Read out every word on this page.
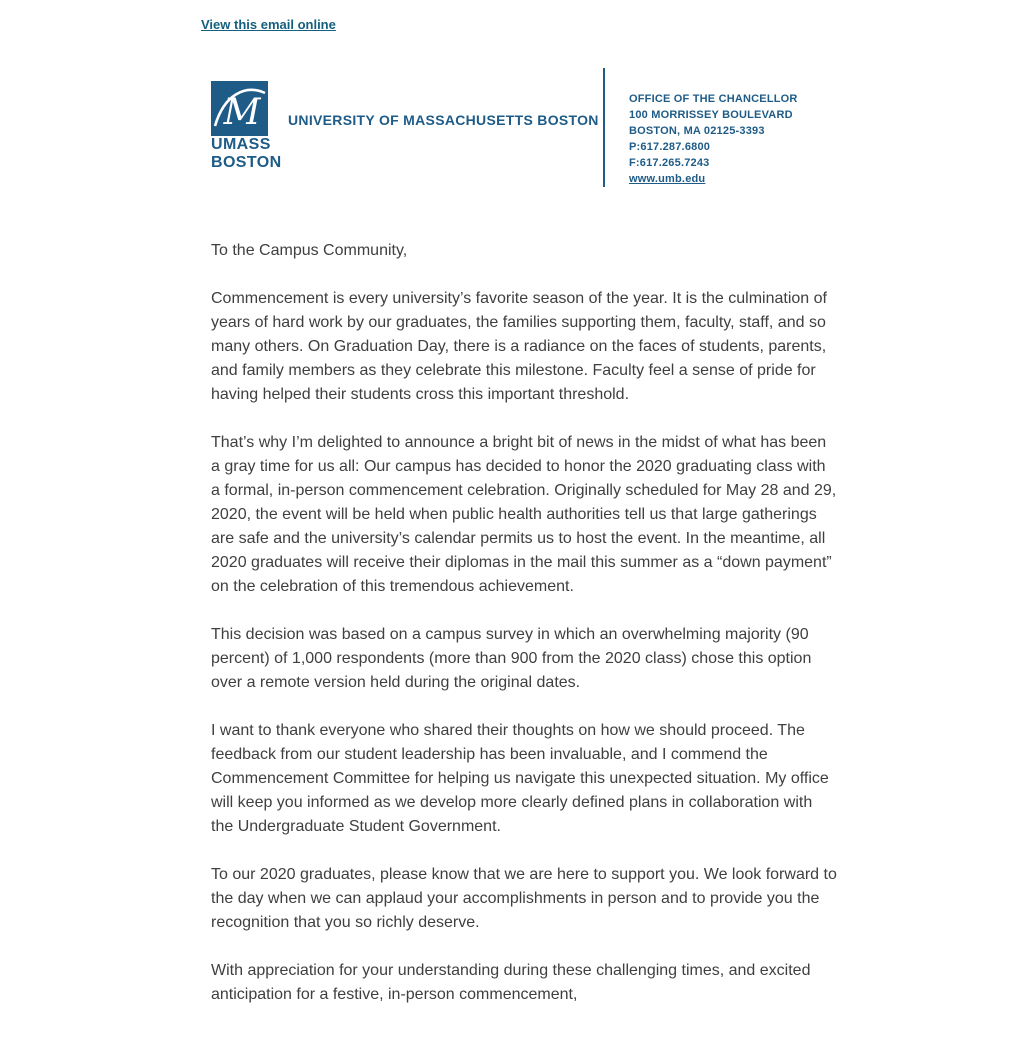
View this email online
M
UMASS
BOSTON
UNIVERSITY OF MASSACHUSETTS BOSTON
OFFICE OF THE CHANCELLOR
100 MORRISSEY BOULEVARD
BOSTON, MA 02125-3393
P:617.287.6800
F:617.265.7243
www.umb.edu

To the Campus Community,

Commencement is every university’s favorite season of the year. It is the culmination of years of hard work by our graduates, the families supporting them, faculty, staff, and so many others. On Graduation Day, there is a radiance on the faces of students, parents, and family members as they celebrate this milestone. Faculty feel a sense of pride for having helped their students cross this important threshold.

That’s why I’m delighted to announce a bright bit of news in the midst of what has been a gray time for us all: Our campus has decided to honor the 2020 graduating class with a formal, in-person commencement celebration. Originally scheduled for May 28 and 29, 2020, the event will be held when public health authorities tell us that large gatherings are safe and the university’s calendar permits us to host the event. In the meantime, all 2020 graduates will receive their diplomas in the mail this summer as a “down payment” on the celebration of this tremendous achievement.

This decision was based on a campus survey in which an overwhelming majority (90 percent) of 1,000 respondents (more than 900 from the 2020 class) chose this option over a remote version held during the original dates.

I want to thank everyone who shared their thoughts on how we should proceed. The feedback from our student leadership has been invaluable, and I commend the Commencement Committee for helping us navigate this unexpected situation. My office will keep you informed as we develop more clearly defined plans in collaboration with the Undergraduate Student Government.

To our 2020 graduates, please know that we are here to support you. We look forward to the day when we can applaud your accomplishments in person and to provide you the recognition that you so richly deserve.

With appreciation for your understanding during these challenging times, and excited anticipation for a festive, in-person commencement,
